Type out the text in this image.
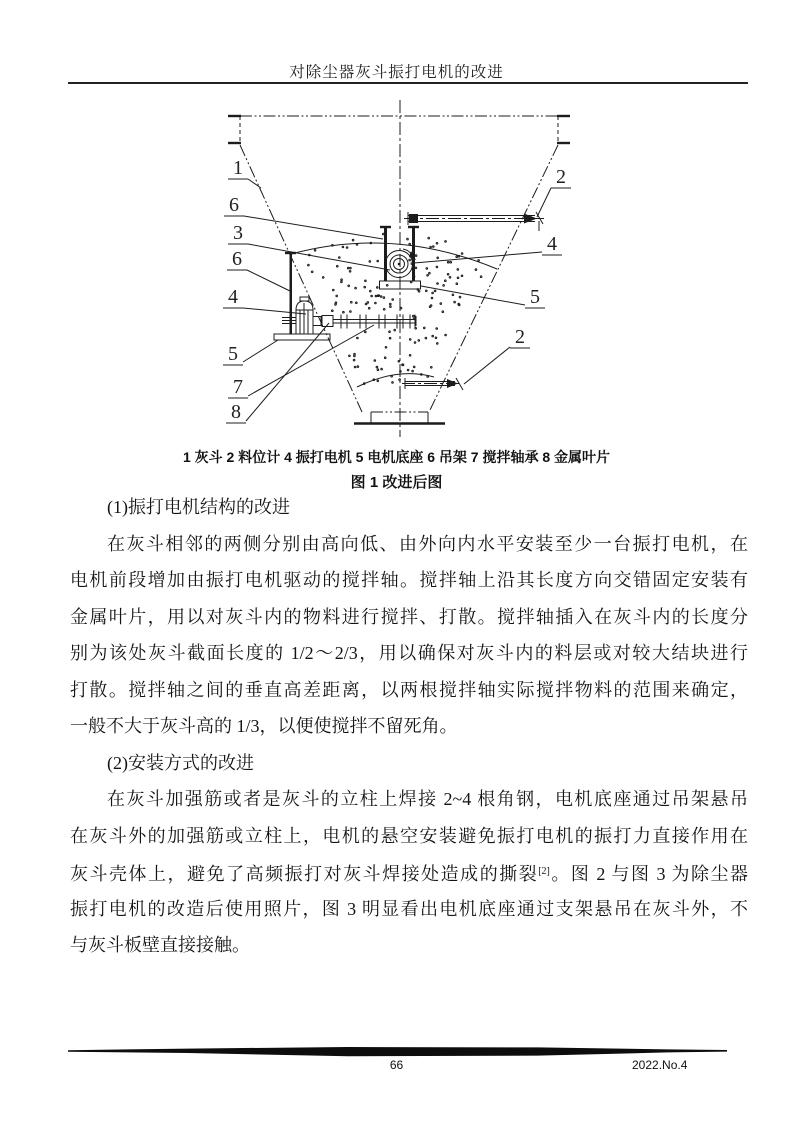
对除尘器灰斗振打电机的改进
1
6
3
6
4
5
7
8
2
4
5
2
1 灰斗 2 料位计 4 振打电机 5 电机底座 6 吊架 7 搅拌轴承 8 金属叶片
图 1 改进后图
(1)振打电机结构的改进
在灰斗相邻的两侧分别由高向低、由外向内水平安装至少一台振打电机，在
电机前段增加由振打电机驱动的搅拌轴。搅拌轴上沿其长度方向交错固定安装有
金属叶片，用以对灰斗内的物料进行搅拌、打散。搅拌轴插入在灰斗内的长度分
别为该处灰斗截面长度的 1/2～2/3，用以确保对灰斗内的料层或对较大结块进行
打散。搅拌轴之间的垂直高差距离，以两根搅拌轴实际搅拌物料的范围来确定，
一般不大于灰斗高的 1/3，以便使搅拌不留死角。
(2)安装方式的改进
在灰斗加强筋或者是灰斗的立柱上焊接 2~4 根角钢，电机底座通过吊架悬吊
在灰斗外的加强筋或立柱上，电机的悬空安装避免振打电机的振打力直接作用在
灰斗壳体上，避免了高频振打对灰斗焊接处造成的撕裂[2]。图 2 与图 3 为除尘器
振打电机的改造后使用照片，图 3 明显看出电机底座通过支架悬吊在灰斗外，不
与灰斗板壁直接接触。
66	2022.No.4
